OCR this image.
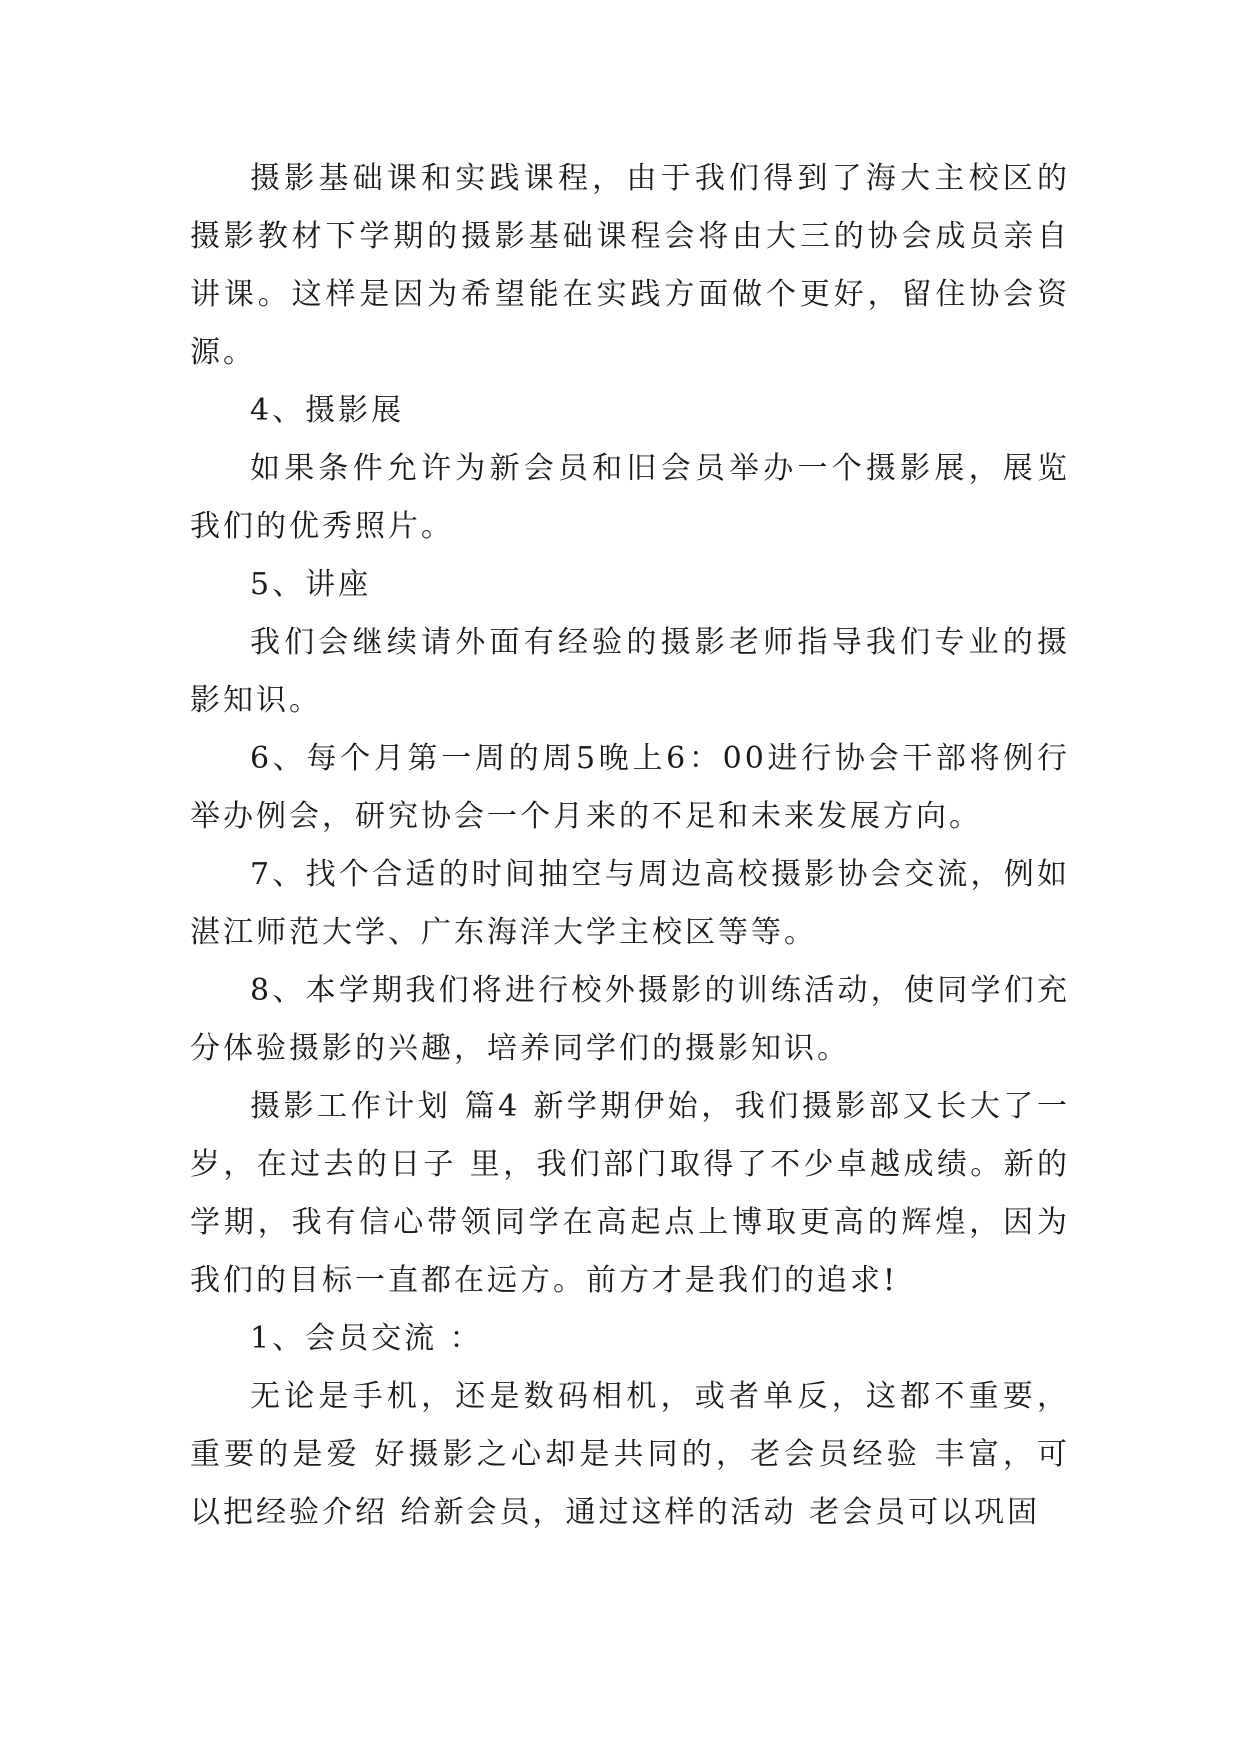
摄影基础课和实践课程，由于我们得到了海大主校区的摄影教材下学期的摄影基础课程会将由大三的协会成员亲自讲课。这样是因为希望能在实践方面做个更好，留住协会资源。

4、摄影展

如果条件允许为新会员和旧会员举办一个摄影展，展览我们的优秀照片。

5、讲座

我们会继续请外面有经验的摄影老师指导我们专业的摄影知识。

6、每个月第一周的周5晚上6：00进行协会干部将例行举办例会，研究协会一个月来的不足和未来发展方向。

7、找个合适的时间抽空与周边高校摄影协会交流，例如湛江师范大学、广东海洋大学主校区等等。

8、本学期我们将进行校外摄影的训练活动，使同学们充分体验摄影的兴趣，培养同学们的摄影知识。

摄影工作计划 篇4 新学期伊始，我们摄影部又长大了一岁，在过去的日子 里，我们部门取得了不少卓越成绩。新的学期，我有信心带领同学在高起点上博取更高的辉煌，因为我们的目标一直都在远方。前方才是我们的追求!

1、会员交流 ：

无论是手机，还是数码相机，或者单反，这都不重要，重要的是爱 好摄影之心却是共同的，老会员经验 丰富，可以把经验介绍 给新会员，通过这样的活动 老会员可以巩固
